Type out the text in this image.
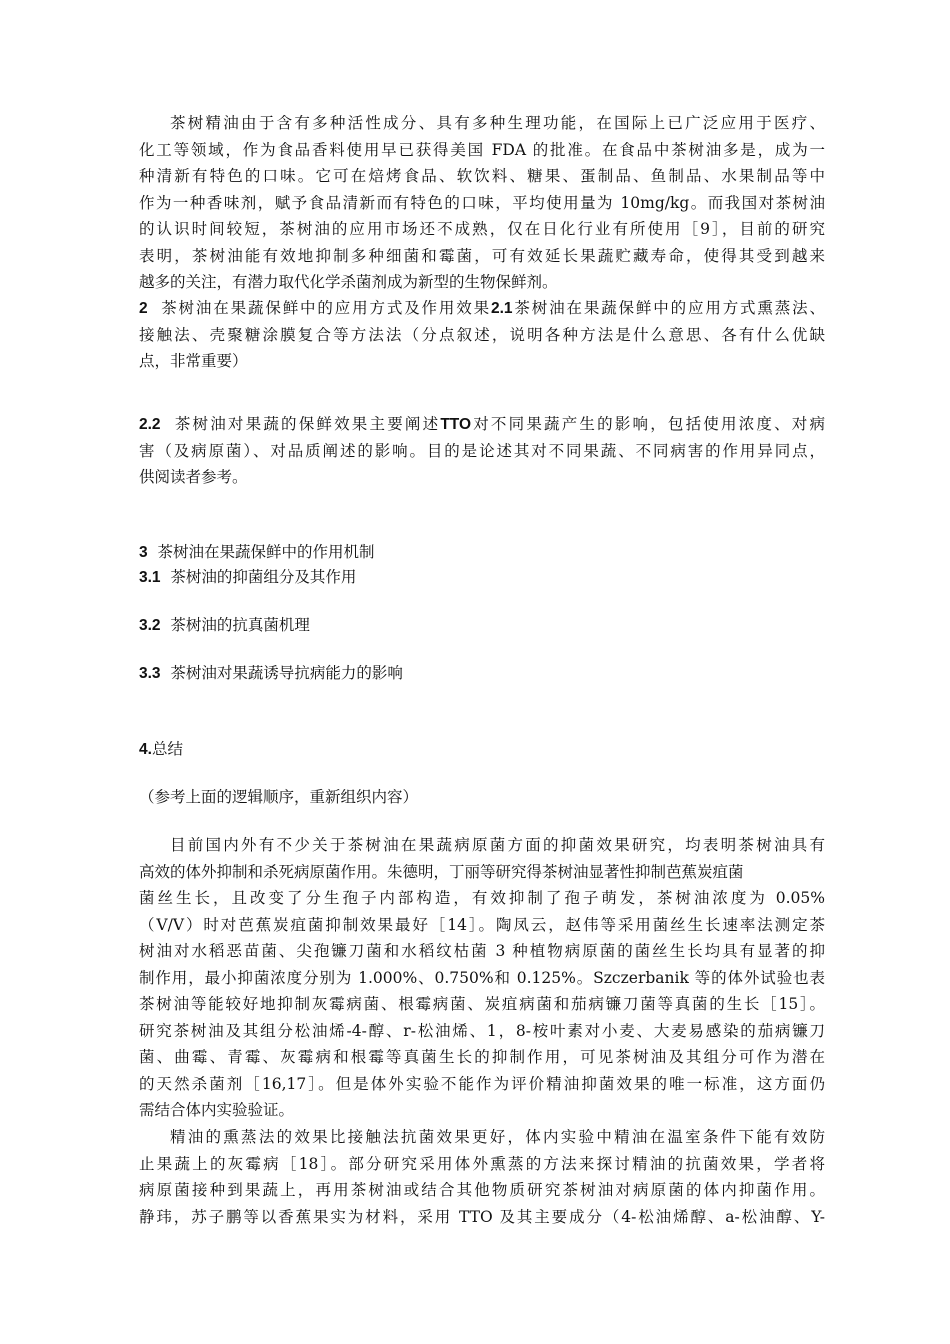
茶树精油由于含有多种活性成分、具有多种生理功能，在国际上已广泛应用于医疗、
化工等领域，作为食品香料使用早已获得美国 FDA 的批准。在食品中茶树油多是，成为一
种清新有特色的口味。它可在焙烤食品、软饮料、糖果、蛋制品、鱼制品、水果制品等中
作为一种香味剂，赋予食品清新而有特色的口味，平均使用量为 10mg/kg。而我国对茶树油
的认识时间较短，茶树油的应用市场还不成熟，仅在日化行业有所使用［9］，目前的研究
表明，茶树油能有效地抑制多种细菌和霉菌，可有效延长果蔬贮藏寿命，使得其受到越来
越多的关注，有潜力取代化学杀菌剂成为新型的生物保鲜剂。
2 茶树油在果蔬保鲜中的应用方式及作用效果2.1茶树油在果蔬保鲜中的应用方式熏蒸法、
接触法、壳聚糖涂膜复合等方法法（分点叙述，说明各种方法是什么意思、各有什么优缺
点，非常重要）
2.2 茶树油对果蔬的保鲜效果主要阐述TTO对不同果蔬产生的影响，包括使用浓度、对病
害（及病原菌）、对品质阐述的影响。目的是论述其对不同果蔬、不同病害的作用异同点，
供阅读者参考。
3 茶树油在果蔬保鲜中的作用机制
3.1 茶树油的抑菌组分及其作用
3.2 茶树油的抗真菌机理
3.3 茶树油对果蔬诱导抗病能力的影响
4.总结
（参考上面的逻辑顺序，重新组织内容）
目前国内外有不少关于茶树油在果蔬病原菌方面的抑菌效果研究，均表明茶树油具有
高效的体外抑制和杀死病原菌作用。朱德明，丁丽等研究得茶树油显著性抑制芭蕉炭疽菌
菌丝生长，且改变了分生孢子内部构造，有效抑制了孢子萌发，茶树油浓度为 0.05%
（V/V）时对芭蕉炭疽菌抑制效果最好［14］。陶凤云，赵伟等采用菌丝生长速率法测定茶
树油对水稻恶苗菌、尖孢镰刀菌和水稻纹枯菌 3 种植物病原菌的菌丝生长均具有显著的抑
制作用，最小抑菌浓度分别为 1.000%、0.750%和 0.125%。Szczerbanik 等的体外试验也表
茶树油等能较好地抑制灰霉病菌、根霉病菌、炭疽病菌和茄病镰刀菌等真菌的生长［15］。
研究茶树油及其组分松油烯-4-醇、r-松油烯、1，8-桉叶素对小麦、大麦易感染的茄病镰刀
菌、曲霉、青霉、灰霉病和根霉等真菌生长的抑制作用，可见茶树油及其组分可作为潜在
的天然杀菌剂［16,17］。但是体外实验不能作为评价精油抑菌效果的唯一标准，这方面仍
需结合体内实验验证。
精油的熏蒸法的效果比接触法抗菌效果更好，体内实验中精油在温室条件下能有效防
止果蔬上的灰霉病［18］。部分研究采用体外熏蒸的方法来探讨精油的抗菌效果，学者将
病原菌接种到果蔬上，再用茶树油或结合其他物质研究茶树油对病原菌的体内抑菌作用。
静玮，苏子鹏等以香蕉果实为材料，采用 TTO 及其主要成分（4-松油烯醇、a-松油醇、Y-
